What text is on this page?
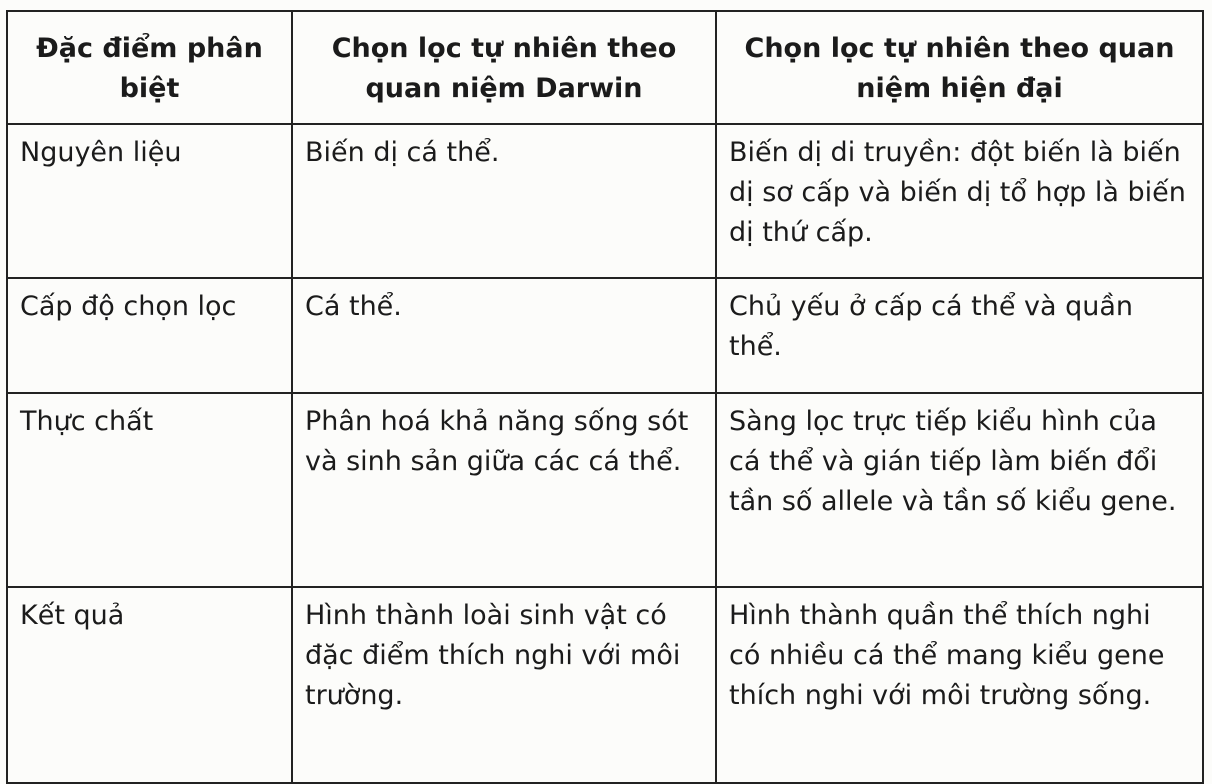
Đặc điểm phân biệt	Chọn lọc tự nhiên theo quan niệm Darwin	Chọn lọc tự nhiên theo quan niệm hiện đại
Nguyên liệu	Biến dị cá thể.	Biến dị di truyền: đột biến là biến dị sơ cấp và biến dị tổ hợp là biến dị thứ cấp.
Cấp độ chọn lọc	Cá thể.	Chủ yếu ở cấp cá thể và quần thể.
Thực chất	Phân hoá khả năng sống sót và sinh sản giữa các cá thể.	Sàng lọc trực tiếp kiểu hình của cá thể và gián tiếp làm biến đổi tần số allele và tần số kiểu gene.
Kết quả	Hình thành loài sinh vật có đặc điểm thích nghi với môi trường.	Hình thành quần thể thích nghi có nhiều cá thể mang kiểu gene thích nghi với môi trường sống.
